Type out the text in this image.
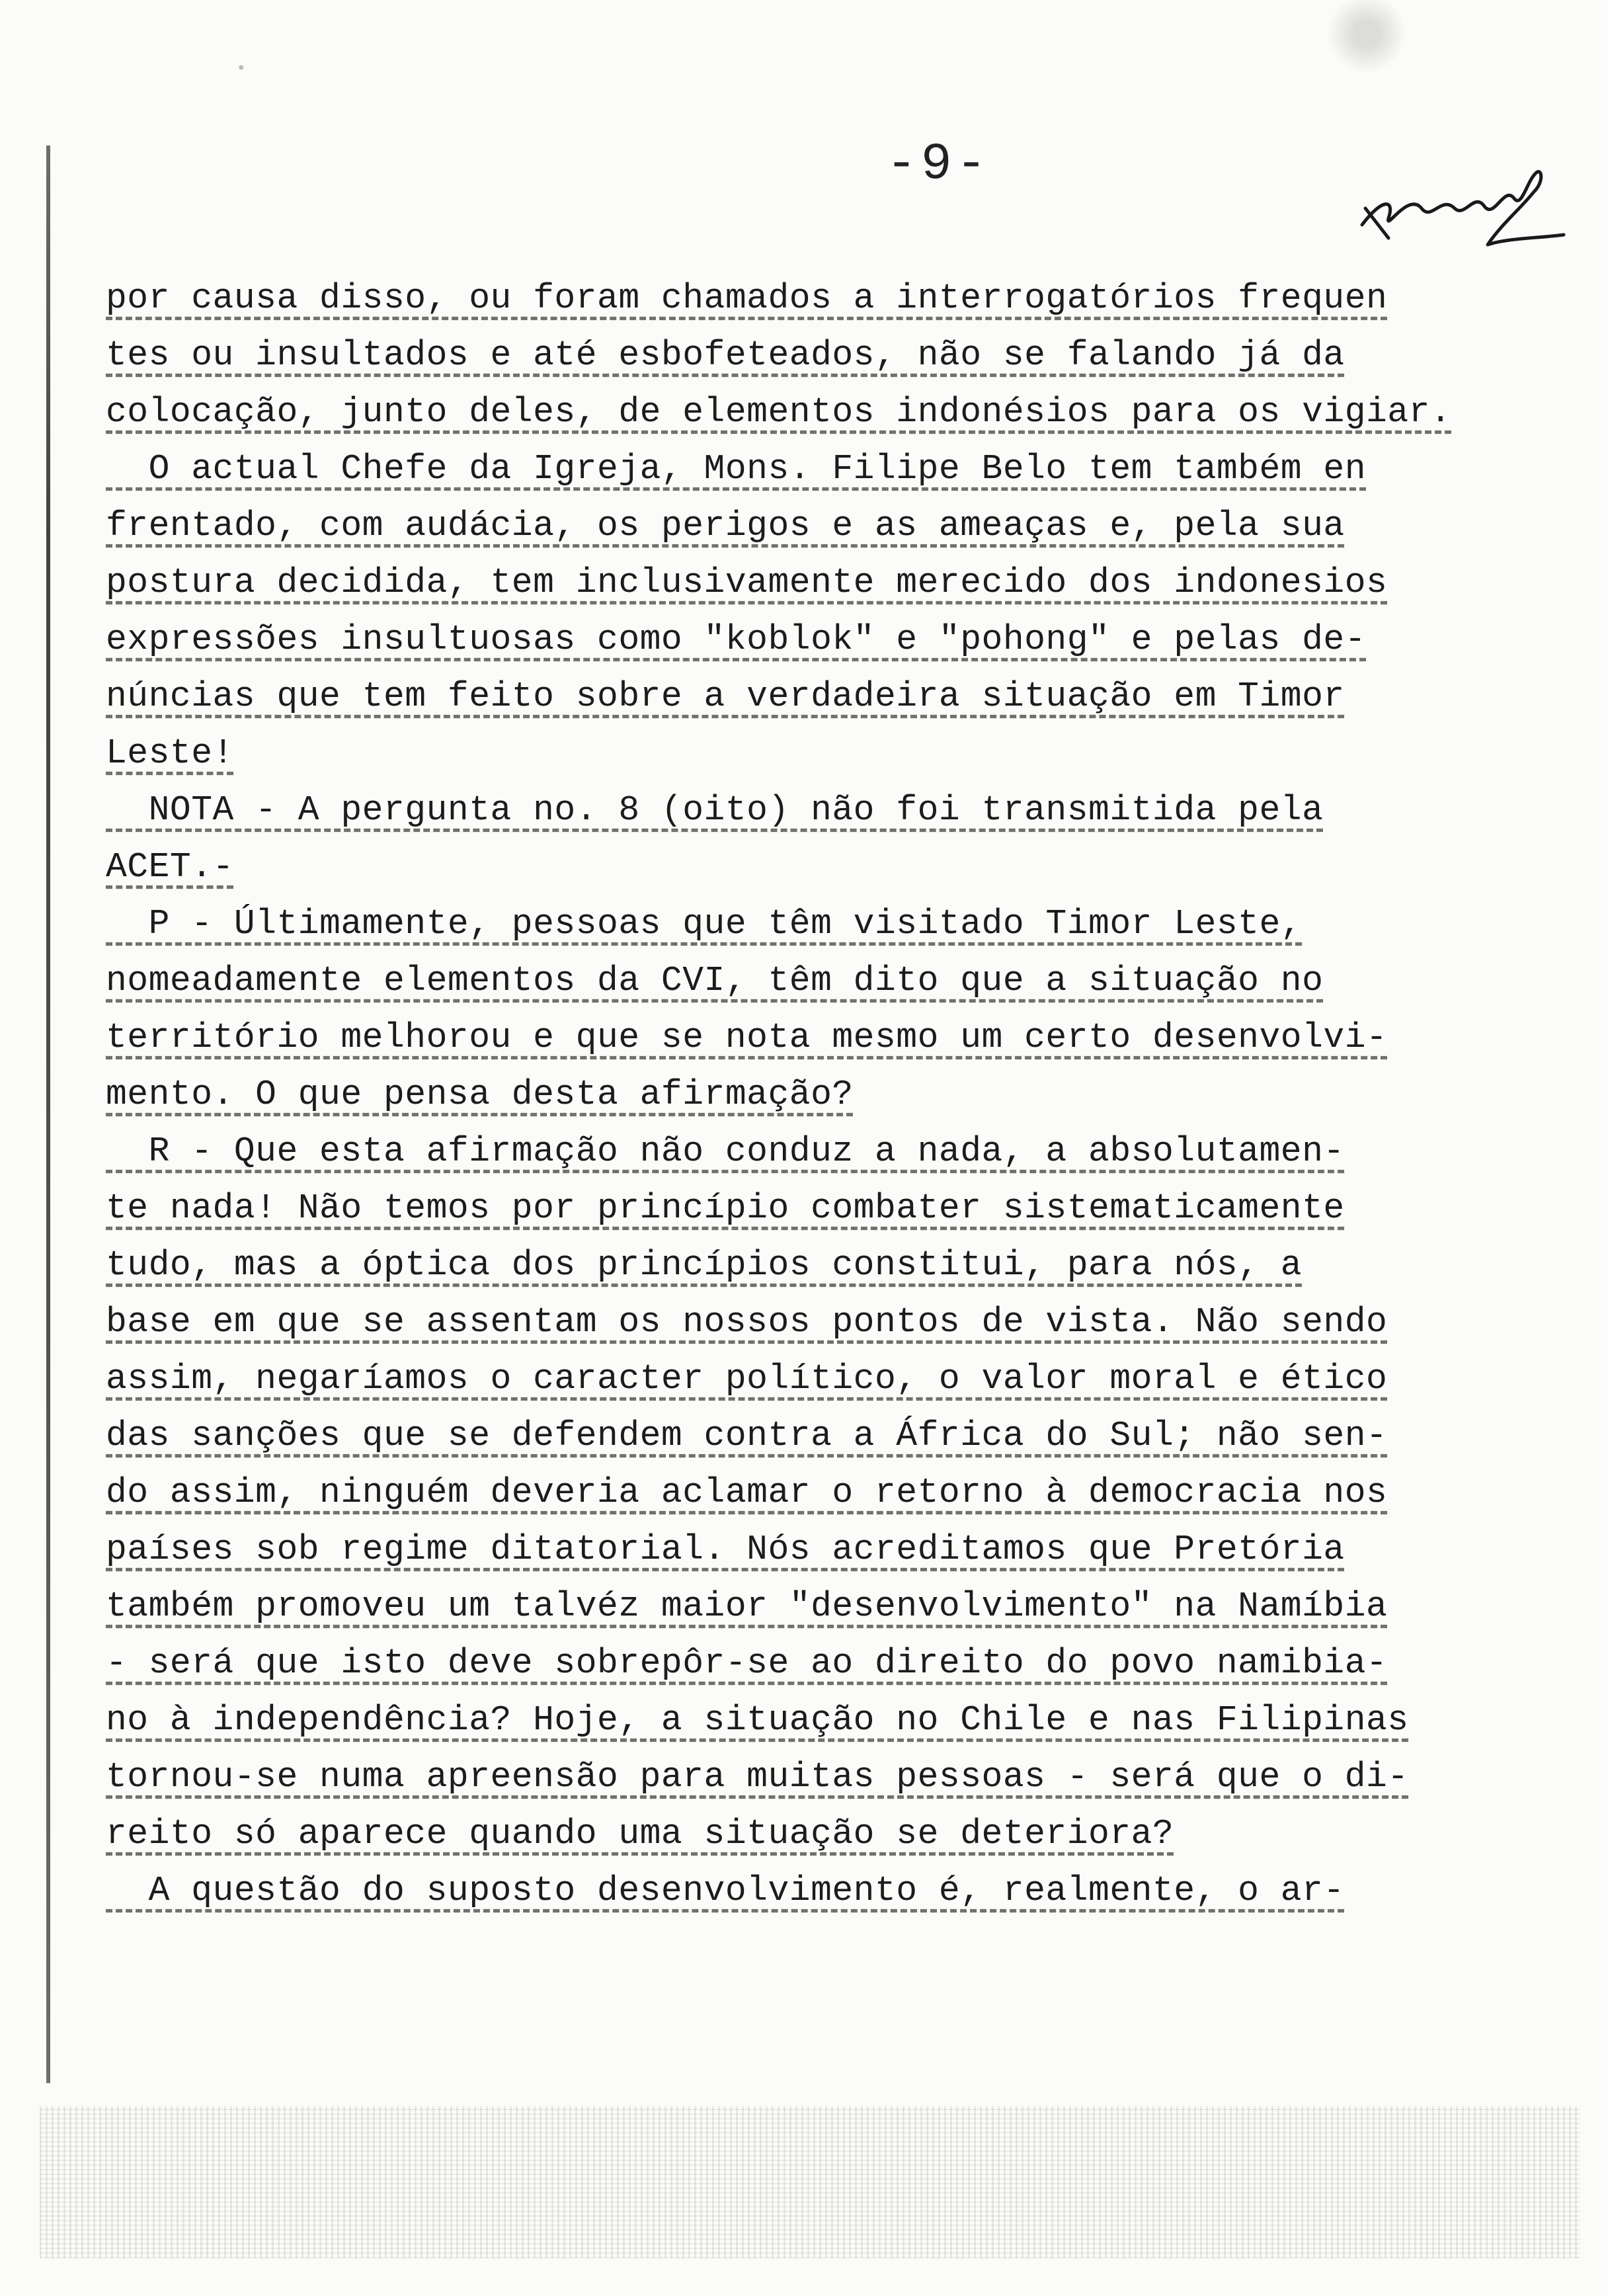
-9-
por causa disso, ou foram chamados a interrogatórios frequen
tes ou insultados e até esbofeteados, não se falando já da
colocação, junto deles, de elementos indonésios para os vigiar.
O actual Chefe da Igreja, Mons. Filipe Belo tem também en
frentado, com audácia, os perigos e as ameaças e, pela sua
postura decidida, tem inclusivamente merecido dos indonesios
expressões insultuosas como "koblok" e "pohong" e pelas de-
núncias que tem feito sobre a verdadeira situação em Timor
Leste!
NOTA - A pergunta no. 8 (oito) não foi transmitida pela
ACET.-
P - Últimamente, pessoas que têm visitado Timor Leste,
nomeadamente elementos da CVI, têm dito que a situação no
território melhorou e que se nota mesmo um certo desenvolvi-
mento. O que pensa desta afirmação?
R - Que esta afirmação não conduz a nada, a absolutamen-
te nada! Não temos por princípio combater sistematicamente
tudo, mas a óptica dos princípios constitui, para nós, a
base em que se assentam os nossos pontos de vista. Não sendo
assim, negaríamos o caracter político, o valor moral e ético
das sanções que se defendem contra a África do Sul; não sen-
do assim, ninguém deveria aclamar o retorno à democracia nos
países sob regime ditatorial. Nós acreditamos que Pretória
também promoveu um talvéz maior "desenvolvimento" na Namíbia
- será que isto deve sobrepôr-se ao direito do povo namibia-
no à independência? Hoje, a situação no Chile e nas Filipinas
tornou-se numa apreensão para muitas pessoas - será que o di-
reito só aparece quando uma situação se deteriora?
A questão do suposto desenvolvimento é, realmente, o ar-
